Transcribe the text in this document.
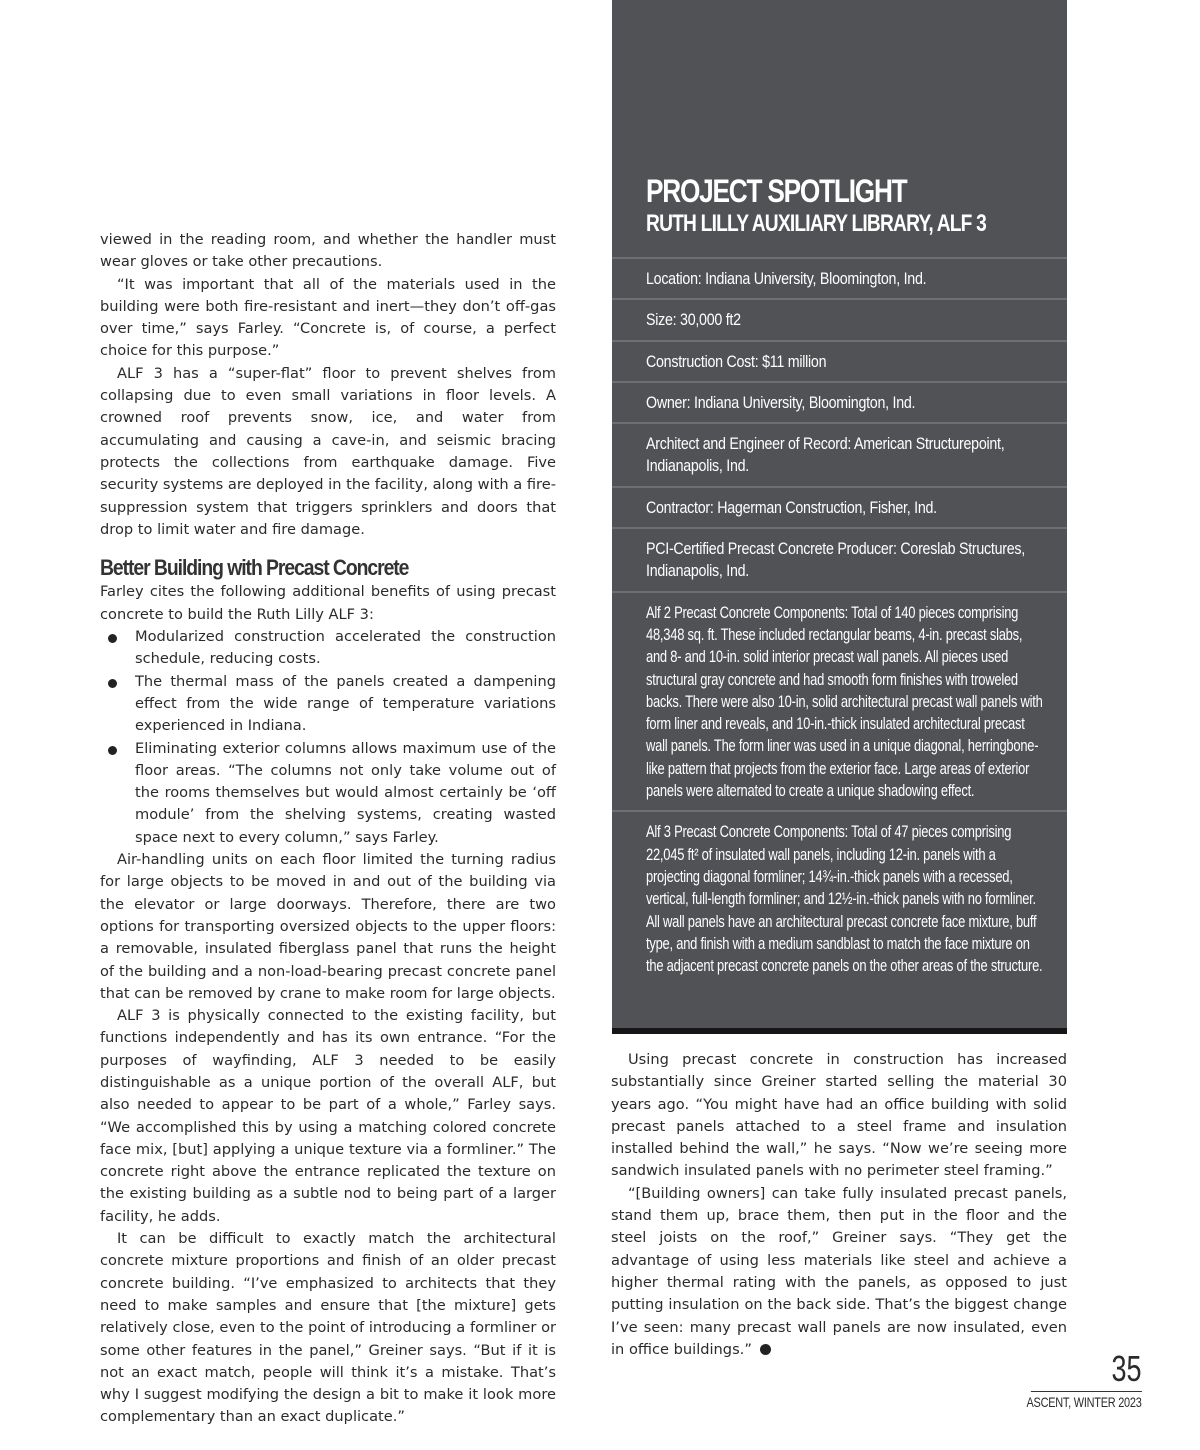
viewed in the reading room, and whether the handler must wear gloves or take other precautions.

“It was important that all of the materials used in the building were both fire-resistant and inert—they don’t off-gas over time,” says Farley. “Concrete is, of course, a perfect choice for this purpose.”

ALF 3 has a “super-flat” floor to prevent shelves from collapsing due to even small variations in floor levels. A crowned roof prevents snow, ice, and water from accumulating and causing a cave-in, and seismic bracing protects the collections from earthquake damage. Five security systems are deployed in the facility, along with a fire-suppression system that triggers sprinklers and doors that drop to limit water and fire damage.

Better Building with Precast Concrete

Farley cites the following additional benefits of using precast concrete to build the Ruth Lilly ALF 3:

Modularized construction accelerated the construction schedule, reducing costs.
The thermal mass of the panels created a dampening effect from the wide range of temperature variations experienced in Indiana.
Eliminating exterior columns allows maximum use of the floor areas. “The columns not only take volume out of the rooms themselves but would almost certainly be ‘off module’ from the shelving systems, creating wasted space next to every column,” says Farley.

Air-handling units on each floor limited the turning radius for large objects to be moved in and out of the building via the elevator or large doorways. Therefore, there are two options for transporting oversized objects to the upper floors: a removable, insulated fiberglass panel that runs the height of the building and a non-load-bearing precast concrete panel that can be removed by crane to make room for large objects.

ALF 3 is physically connected to the existing facility, but functions independently and has its own entrance. “For the purposes of wayfinding, ALF 3 needed to be easily distinguishable as a unique portion of the overall ALF, but also needed to appear to be part of a whole,” Farley says. “We accomplished this by using a matching colored concrete face mix, [but] applying a unique texture via a formliner.” The concrete right above the entrance replicated the texture on the existing building as a subtle nod to being part of a larger facility, he adds.

It can be difficult to exactly match the architectural concrete mixture proportions and finish of an older precast concrete building. “I’ve emphasized to architects that they need to make samples and ensure that [the mixture] gets relatively close, even to the point of introducing a formliner or some other features in the panel,” Greiner says. “But if it is not an exact match, people will think it’s a mistake. That’s why I suggest modifying the design a bit to make it look more complementary than an exact duplicate.”

PROJECT SPOTLIGHT
RUTH LILLY AUXILIARY LIBRARY, ALF 3
Location: Indiana University, Bloomington, Ind.
Size: 30,000 ft2
Construction Cost: $11 million
Owner: Indiana University, Bloomington, Ind.
Architect and Engineer of Record: American Structurepoint, Indianapolis, Ind.
Contractor: Hagerman Construction, Fisher, Ind.
PCI-Certified Precast Concrete Producer: Coreslab Structures, Indianapolis, Ind.
Alf 2 Precast Concrete Components: Total of 140 pieces comprising 48,348 sq. ft. These included rectangular beams, 4-in. precast slabs, and 8- and 10-in. solid interior precast wall panels. All pieces used structural gray concrete and had smooth form finishes with troweled backs. There were also 10-in, solid architectural precast wall panels with form liner and reveals, and 10-in.-thick insulated architectural precast wall panels. The form liner was used in a unique diagonal, herringbone-like pattern that projects from the exterior face. Large areas of exterior panels were alternated to create a unique shadowing effect.
Alf 3 Precast Concrete Components: Total of 47 pieces comprising 22,045 ft² of insulated wall panels, including 12-in. panels with a projecting diagonal formliner; 14¾-in.-thick panels with a recessed, vertical, full-length formliner; and 12½-in.-thick panels with no formliner. All wall panels have an architectural precast concrete face mixture, buff type, and finish with a medium sandblast to match the face mixture on the adjacent precast concrete panels on the other areas of the structure.

Using precast concrete in construction has increased substantially since Greiner started selling the material 30 years ago. “You might have had an office building with solid precast panels attached to a steel frame and insulation installed behind the wall,” he says. “Now we’re seeing more sandwich insulated panels with no perimeter steel framing.”

“[Building owners] can take fully insulated precast panels, stand them up, brace them, then put in the floor and the steel joists on the roof,” Greiner says. “They get the advantage of using less materials like steel and achieve a higher thermal rating with the panels, as opposed to just putting insulation on the back side. That’s the biggest change I’ve seen: many precast wall panels are now insulated, even in office buildings.”	35
ASCENT, WINTER 2023
